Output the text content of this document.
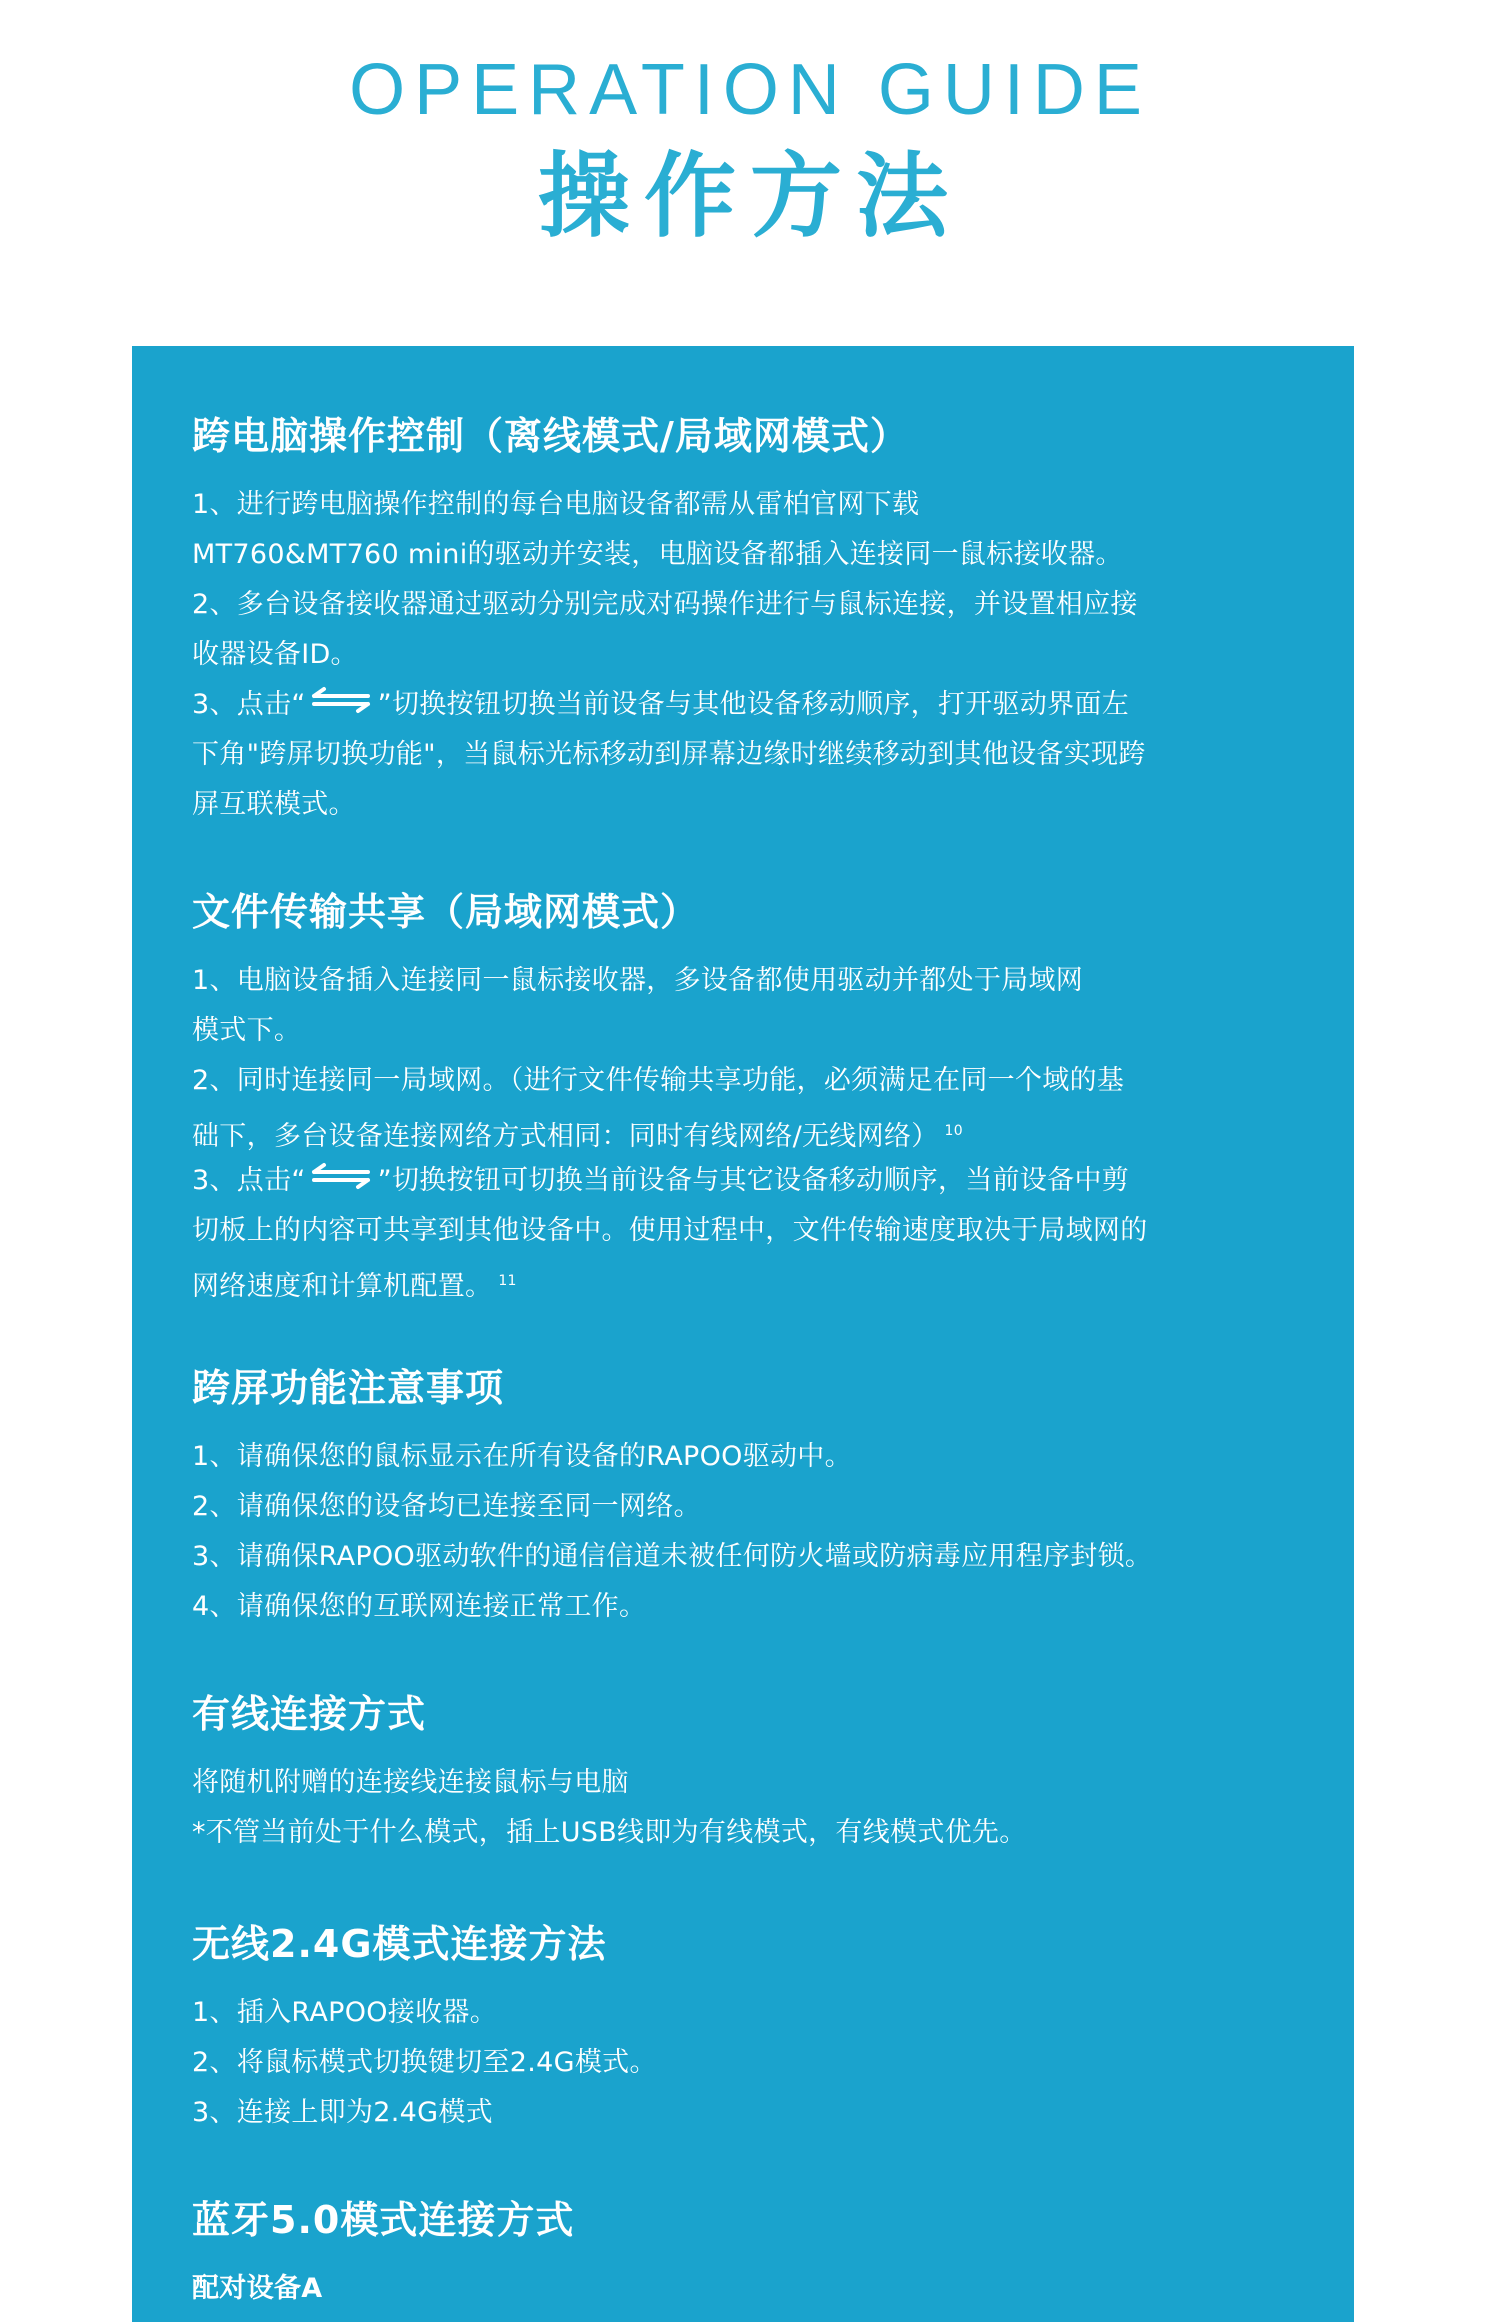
OPERATION GUIDE
操作方法
跨电脑操作控制（离线模式/局域网模式）
1、进行跨电脑操作控制的每台电脑设备都需从雷柏官网下载
MT760&MT760 mini的驱动并安装，电脑设备都插入连接同一鼠标接收器。
2、多台设备接收器通过驱动分别完成对码操作进行与鼠标连接，并设置相应接
收器设备ID。
3、点击“	”切换按钮切换当前设备与其他设备移动顺序，打开驱动界面左
下角"跨屏切换功能"，当鼠标光标移动到屏幕边缘时继续移动到其他设备实现跨
屏互联模式。
文件传输共享（局域网模式）
1、电脑设备插入连接同一鼠标接收器，多设备都使用驱动并都处于局域网
模式下。
2、同时连接同一局域网。（进行文件传输共享功能，必须满足在同一个域的基
础下，多台设备连接网络方式相同：同时有线网络/无线网络） $^{10}$
3、点击“	”切换按钮可切换当前设备与其它设备移动顺序，当前设备中剪
切板上的内容可共享到其他设备中。使用过程中，文件传输速度取决于局域网的
网络速度和计算机配置。 $^{11}$
跨屏功能注意事项
1、请确保您的鼠标显示在所有设备的RAPOO驱动中。
2、请确保您的设备均已连接至同一网络。
3、请确保RAPOO驱动软件的通信信道未被任何防火墙或防病毒应用程序封锁。
4、请确保您的互联网连接正常工作。
有线连接方式
将随机附赠的连接线连接鼠标与电脑
*不管当前处于什么模式，插上USB线即为有线模式，有线模式优先。
无线2.4G模式连接方法
1、插入RAPOO接收器。
2、将鼠标模式切换键切至2.4G模式。
3、连接上即为2.4G模式
蓝牙5.0模式连接方式
配对设备A
